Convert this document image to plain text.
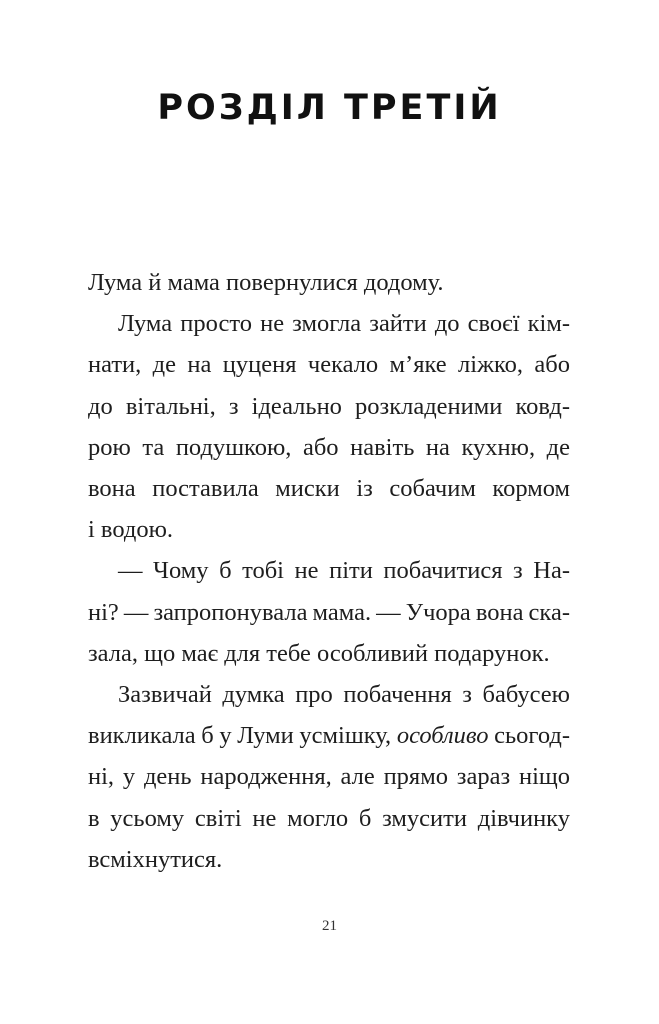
РОЗДІЛ ТРЕТІЙ

Лума й мама повернулися додому.

Лума просто не змогла зайти до своєї кім-
нати, де на цуценя чекало м’яке ліжко, або
до вітальні, з ідеально розкладеними ковд-
рою та подушкою, або навіть на кухню, де
вона поставила миски із собачим кормом
і водою.

— Чому б тобі не піти побачитися з На-
ні? — запропонувала мама. — Учора вона ска-
зала, що має для тебе особливий подарунок.

Зазвичай думка про побачення з бабусею
викликала б у Луми усмішку, особливо сьогод-
ні, у день народження, але прямо зараз ніщо
в усьому світі не могло б змусити дівчинку
всміхнутися.

21
